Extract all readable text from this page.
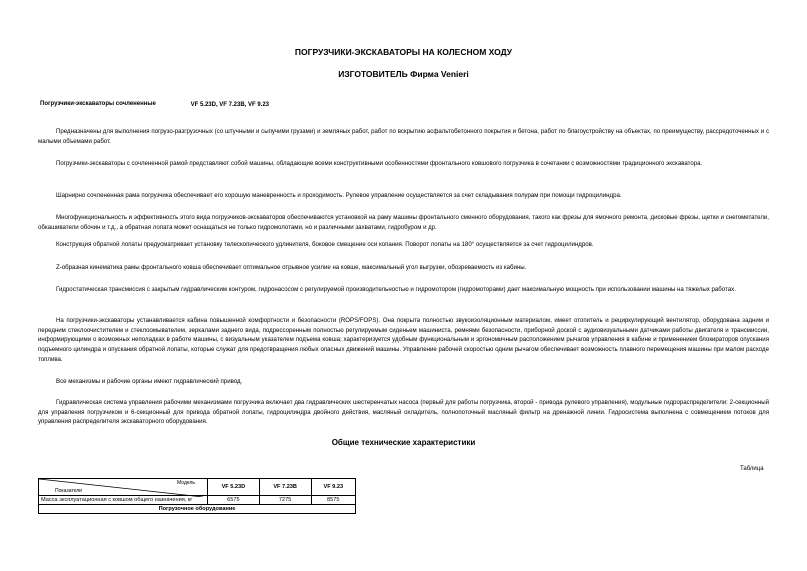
ПОГРУЗЧИКИ-ЭКСКАВАТОРЫ НА КОЛЕСНОМ ХОДУ
ИЗГОТОВИТЕЛЬ Фирма Venieri
Погрузчики-экскаваторы сочлененные	VF 5.23D, VF 7.23B, VF 9.23

Предназначены для выполнения погрузо-разгрузочных (со штучными и сыпучими грузами) и земляных работ, работ по вскрытию асфальтобетонного покрытия и бетона, работ по благоустройству на объектах, по преимуществу, рассредоточенных и с малыми объемами работ.

Погрузчики-экскаваторы с сочлененной рамой представляют собой машины, обладающие всеми конструктивными особенностями фронтального ковшового погрузчика в сочетании с возможностями традиционного экскаватора.

Шарнирно сочлененная рама погрузчика обеспечивает его хорошую маневренность и проходимость. Рулевое управление осуществляется за счет складывания полурам при помощи гидроцилиндра.

Многофункциональность и эффективность этого вида погрузчиков-экскаваторов обеспечиваются установкой на раму машины фронтального сменного оборудования, такого как фрезы для ямочного ремонта, дисковые фрезы, щетки и снегометатели, обкашиватели обочин и т.д., а обратная лопата может оснащаться не только гидромолотами, но и различными захватами, гидробуром и др.

Конструкция обратной лопаты предусматривает установку телескопического удлинителя, боковое смещение оси копания. Поворот лопаты на 180° осуществляется за счет гидроцилиндров.

Z-образная кинематика рамы фронтального ковша обеспечивает оптимальное отрывное усилие на ковше, максимальный угол выгрузки, обозреваемость из кабины.

Гидростатическая трансмиссия с закрытым гидравлическим контуром, гидронасосом с регулируемой производительностью и гидромотором (гидромоторами) дает максимальную мощность при использовании машины на тяжелых работах.

На погрузчики-экскаваторы устанавливается кабина повышенной комфортности и безопасности (ROPS/FOPS). Она покрыта полностью звукоизоляционным материалом, имеет отопитель и рециркулирующий вентилятор, оборудована задним и передним стеклоочистителем и стеклоомывателем, зеркалами заднего вида, подрессоренным полностью регулируемым сиденьем машиниста, ремнями безопасности, приборной доской с аудиовизуальными датчиками работы двигателя и трансмиссии, информирующими о возможных неполадках в работе машины, с визуальным указателем подъема ковша; характеризуется удобным функциональным и эргономичным расположением рычагов управления в кабине и применением блокираторов опускания подъемного цилиндра и опускания обратной лопаты, которые служат для предотвращения любых опасных движений машины. Управление рабочей скоростью одним рычагом обеспечивает возможность плавного перемещения машины при малом расходе топлива.

Все механизмы и рабочие органы имеют гидравлический привод.

Гидравлическая система управления рабочими механизмами погрузчика включает два гидравлических шестеренчатых насоса (первый для работы погрузчика, второй - привода рулевого управления), модульные гидрораспределители: 2-секционный для управления погрузчиком и 6-секционный для привода обратной лопаты, гидроцилиндра двойного действия, масляный охладитель, полнопоточный масляный фильтр на дренажной линии. Гидросистема выполнена с совмещением потоков для управления распределителя экскаваторного оборудования.

Общие технические характеристики
Таблица
Модель
Показатели	VF 5.23D	VF 7.23B	VF 9.23
Масса эксплуатационная с ковшом общего назначения, кг	6575	7275	8575
Погрузочное оборудование			
